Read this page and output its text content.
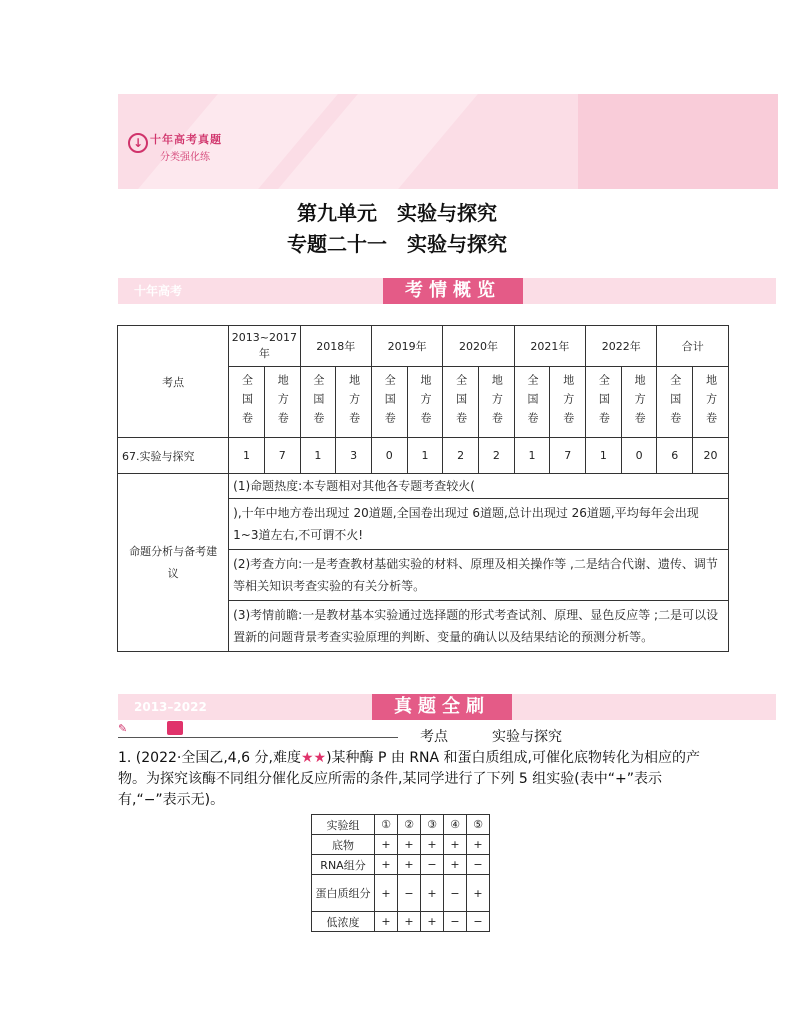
↓ 十年高考真题
分类强化练
第九单元　实验与探究
专题二十一　实验与探究
十年高考	考情概览
考点	2013~2017年		2018年		2019年		2020年		2021年		2022年		合计	
	全国卷	地方卷	全国卷	地方卷	全国卷	地方卷	全国卷	地方卷	全国卷	地方卷	全国卷	地方卷	全国卷	地方卷
67.实验与探究	1	7	1	3	0	1	2	2	1	7	1	0	6	20
命题分析与备考建议	(1)命题热度:本专题相对其他各专题考查较火(													
	),十年中地方卷出现过 20道题,全国卷出现过 6道题,总计出现过 26道题,平均每年会出现 1~3道左右,不可谓不火!													
	(2)考查方向:一是考查教材基础实验的材料、原理及相关操作等 ,二是结合代谢、遗传、调节等相关知识考查实验的有关分析等。													
	(3)考情前瞻:一是教材基本实验通过选择题的形式考查试剂、原理、显色反应等 ;二是可以设置新的问题背景考查实验原理的判断、变量的确认以及结果结论的预测分析等。													
2013–2022	真题全刷
✎
考点	实验与探究
1. (2022·全国乙,4,6 分,难度★★)某种酶 P 由 RNA 和蛋白质组成,可催化底物转化为相应的产物。为探究该酶不同组分催化反应所需的条件,某同学进行了下列 5 组实验(表中“+”表示有,“−”表示无)。
实验组	①	②	③	④	⑤
底物	+	+	+	+	+
RNA组分	+	+	−	+	−
蛋白质组分	+	−	+	−	+
低浓度	+	+	+	−	−
